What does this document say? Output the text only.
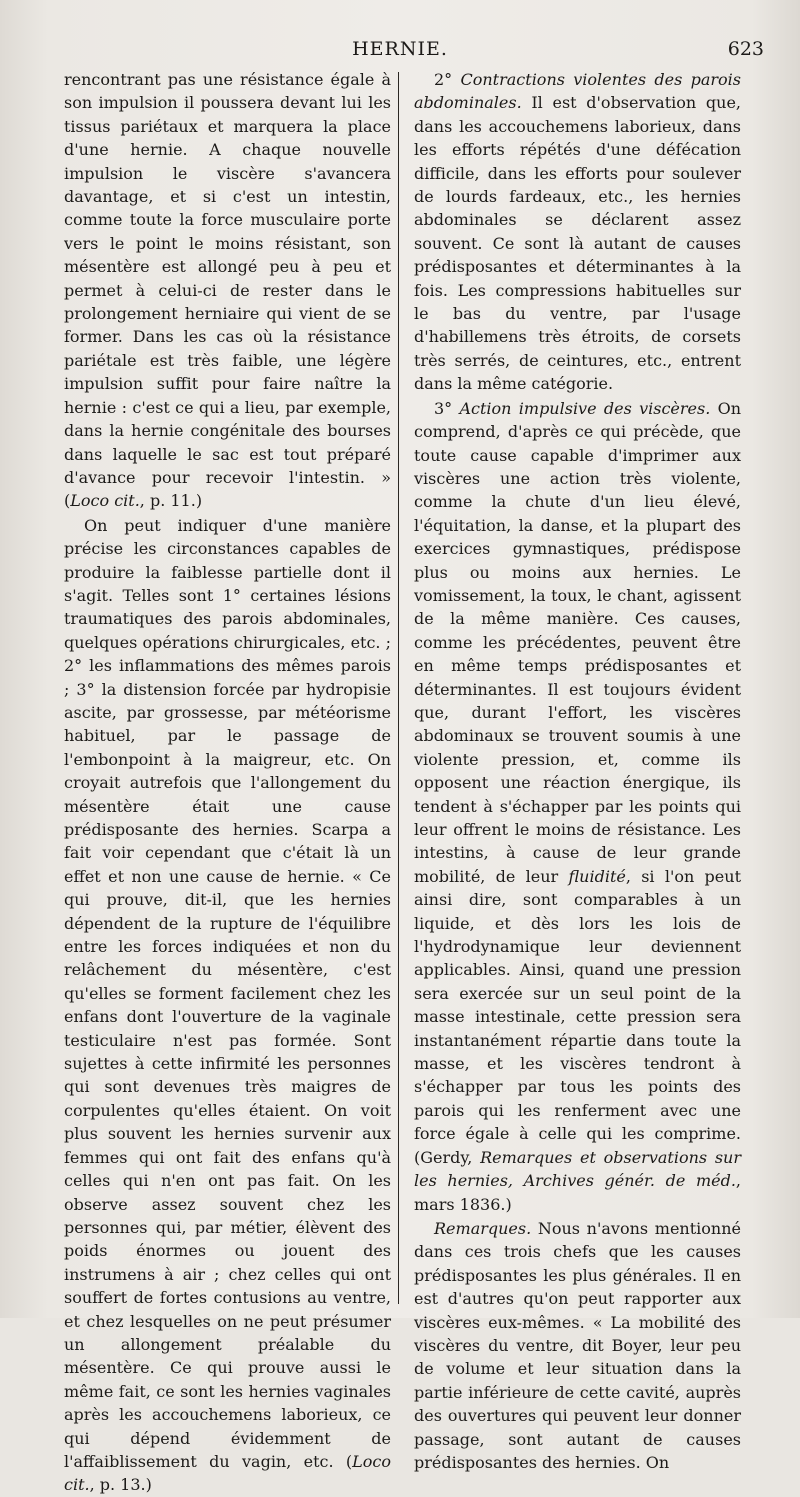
HERNIE.	623

rencontrant pas une résistance égale à son impulsion il poussera devant lui les tissus pariétaux et marquera la place d'une hernie. A chaque nouvelle impulsion le viscère s'avancera davantage, et si c'est un intestin, comme toute la force musculaire porte vers le point le moins résistant, son mésentère est allongé peu à peu et permet à celui-ci de rester dans le prolongement herniaire qui vient de se former. Dans les cas où la résistance pariétale est très faible, une légère impulsion suffit pour faire naître la hernie : c'est ce qui a lieu, par exemple, dans la hernie congénitale des bourses dans laquelle le sac est tout préparé d'avance pour recevoir l'intestin. » (Loco cit., p. 11.)

On peut indiquer d'une manière précise les circonstances capables de produire la faiblesse partielle dont il s'agit. Telles sont 1° certaines lésions traumatiques des parois abdominales, quelques opérations chirurgicales, etc. ; 2° les inflammations des mêmes parois ; 3° la distension forcée par hydropisie ascite, par grossesse, par météorisme habituel, par le passage de l'embonpoint à la maigreur, etc. On croyait autrefois que l'allongement du mésentère était une cause prédisposante des hernies. Scarpa a fait voir cependant que c'était là un effet et non une cause de hernie. « Ce qui prouve, dit-il, que les hernies dépendent de la rupture de l'équilibre entre les forces indiquées et non du relâchement du mésentère, c'est qu'elles se forment facilement chez les enfans dont l'ouverture de la vaginale testiculaire n'est pas formée. Sont sujettes à cette infirmité les personnes qui sont devenues très maigres de corpulentes qu'elles étaient. On voit plus souvent les hernies survenir aux femmes qui ont fait des enfans qu'à celles qui n'en ont pas fait. On les observe assez souvent chez les personnes qui, par métier, élèvent des poids énormes ou jouent des instrumens à air ; chez celles qui ont souffert de fortes contusions au ventre, et chez lesquelles on ne peut présumer un allongement préalable du mésentère. Ce qui prouve aussi le même fait, ce sont les hernies vaginales après les accouchemens laborieux, ce qui dépend évidemment de l'affaiblissement du vagin, etc. (Loco cit., p. 13.)

2° Contractions violentes des parois abdominales. Il est d'observation que, dans les accouchemens laborieux, dans les efforts répétés d'une défécation difficile, dans les efforts pour soulever de lourds fardeaux, etc., les hernies abdominales se déclarent assez souvent. Ce sont là autant de causes prédisposantes et déterminantes à la fois. Les compressions habituelles sur le bas du ventre, par l'usage d'habillemens très étroits, de corsets très serrés, de ceintures, etc., entrent dans la même catégorie.

3° Action impulsive des viscères. On comprend, d'après ce qui précède, que toute cause capable d'imprimer aux viscères une action très violente, comme la chute d'un lieu élevé, l'équitation, la danse, et la plupart des exercices gymnastiques, prédispose plus ou moins aux hernies. Le vomissement, la toux, le chant, agissent de la même manière. Ces causes, comme les précédentes, peuvent être en même temps prédisposantes et déterminantes. Il est toujours évident que, durant l'effort, les viscères abdominaux se trouvent soumis à une violente pression, et, comme ils opposent une réaction énergique, ils tendent à s'échapper par les points qui leur offrent le moins de résistance. Les intestins, à cause de leur grande mobilité, de leur fluidité, si l'on peut ainsi dire, sont comparables à un liquide, et dès lors les lois de l'hydrodynamique leur deviennent applicables. Ainsi, quand une pression sera exercée sur un seul point de la masse intestinale, cette pression sera instantanément répartie dans toute la masse, et les viscères tendront à s'échapper par tous les points des parois qui les renferment avec une force égale à celle qui les comprime. (Gerdy, Remarques et observations sur les hernies, Archives génér. de méd., mars 1836.)

Remarques. Nous n'avons mentionné dans ces trois chefs que les causes prédisposantes les plus générales. Il en est d'autres qu'on peut rapporter aux viscères eux-mêmes. « La mobilité des viscères du ventre, dit Boyer, leur peu de volume et leur situation dans la partie inférieure de cette cavité, auprès des ouvertures qui peuvent leur donner passage, sont autant de causes prédisposantes des hernies. On
